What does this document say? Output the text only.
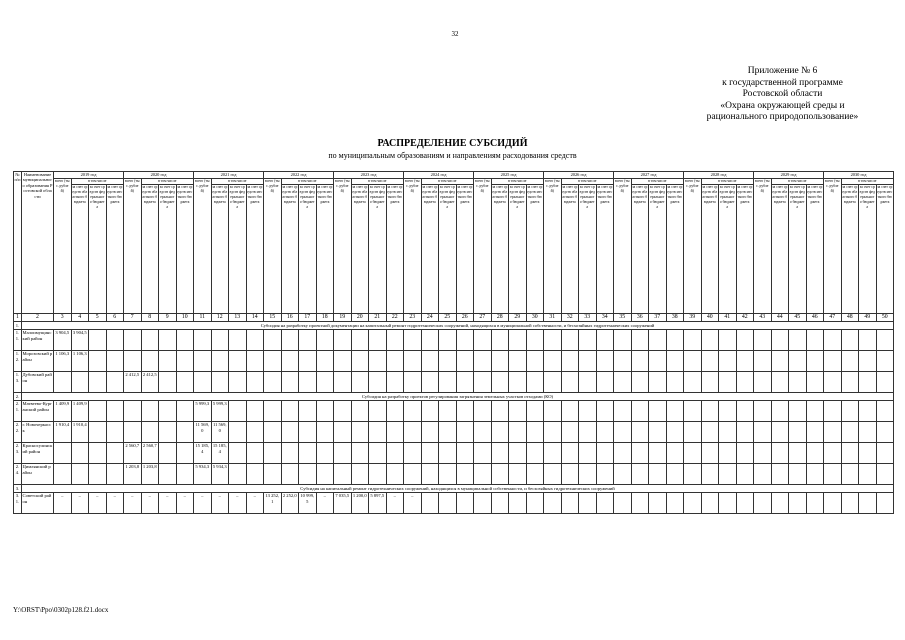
32
Приложение № 6
к государственной программе
Ростовской области
«Охрана окружающей среды и
рационального природопользование»
РАСПРЕДЕЛЕНИЕ СУБСИДИЙ
по муниципальным образованиям и направлениям расходования средств
№ п/п	Наименование муниципального образования Ростовской области	2019 год				2020 год				2021 год				2022 год				2023 год				2024 год				2025 год				2026 год				2027 год				2028 год				2029 год				2030 год			
		всего (тыс. рублей)	в том числе			всего (тыс. рублей)	в том числе			всего (тыс. рублей)	в том числе			всего (тыс. рублей)	в том числе			всего (тыс. рублей)	в том числе			всего (тыс. рублей)	в том числе			всего (тыс. рублей)	в том числе			всего (тыс. рублей)	в том числе			всего (тыс. рублей)	в том числе			всего (тыс. рублей)	в том числе			всего (тыс. рублей)	в том числе			всего (тыс. рублей)	в том числе		
			за счет средств областного бюджета	за счет средств федерального бюджета	за счет средств местного бюджета		за счет средств областного бюджета	за счет средств федерального бюджета	за счет средств местного бюджета		за счет средств областного бюджета	за счет средств федерального бюджета	за счет средств местного бюджета		за счет средств областного бюджета	за счет средств федерального бюджета	за счет средств местного бюджета		за счет средств областного бюджета	за счет средств федерального бюджета	за счет средств местного бюджета		за счет средств областного бюджета	за счет средств федерального бюджета	за счет средств местного бюджета		за счет средств областного бюджета	за счет средств федерального бюджета	за счет средств местного бюджета		за счет средств областного бюджета	за счет средств федерального бюджета	за счет средств местного бюджета		за счет средств областного бюджета	за счет средств федерального бюджета	за счет средств местного бюджета		за счет средств областного бюджета	за счет средств федерального бюджета	за счет средств местного бюджета		за счет средств областного бюджета	за счет средств федерального бюджета	за счет средств местного бюджета		за счет средств областного бюджета	за счет средств федерального бюджета	за счет средств местного бюджета
1	2	3	4	5	6	7	8	9	10	11	12	13	14	15	16	17	18	19	20	21	22	23	24	25	26	27	28	29	30	31	32	33	34	35	36	37	38	39	40	41	42	43	44	45	46	47	48	49	50
1.	Субсидия на разработку проектной документации на капитальный ремонт гидротехнических сооружений, находящихся в муниципальной собственности, и бесхозяйных гидротехнических сооружений																																																
1.1.	Малоимущинский район	3 904,5	3 904,5																																														
1.2.	Морозовский район	1 106,3	1 106,3																																														
1.3.	Дубовский район					2 412,5	2 412,5																																										
2.	Субсидия на разработку проектов регулирования загрязнения земельных участков отходами (КО)																																																
2.1.	Матвеево-Курганский район	1 409,9	1 409,9							5 999,3	5 999,3																																						
2.2.	г. Новочеркасск	1 910,4	1 910,4							11 569,0	11 569,0																																						
2.3.	Красносулинский район					2 560,7	2 560,7			15 185,4	15 185,4																																						
2.4.	Цимлянский район					1 203,8	1 203,8			5 934,3	5 934,3																																						
3.	Субсидия на капитальный ремонт гидротехнических сооружений, находящихся в муниципальной собственности, и бесхозяйных гидротехнических сооружений																																																
3.1.	Советский район	–	–	–	–	–	–	–	–	–	–	–	–	13 252,1	2 252,0	10 999,5	–	7 035,5	1 200,0	5 897,5	–	–																											
Y:\ORST\Ppo\0302p128.f21.docx
